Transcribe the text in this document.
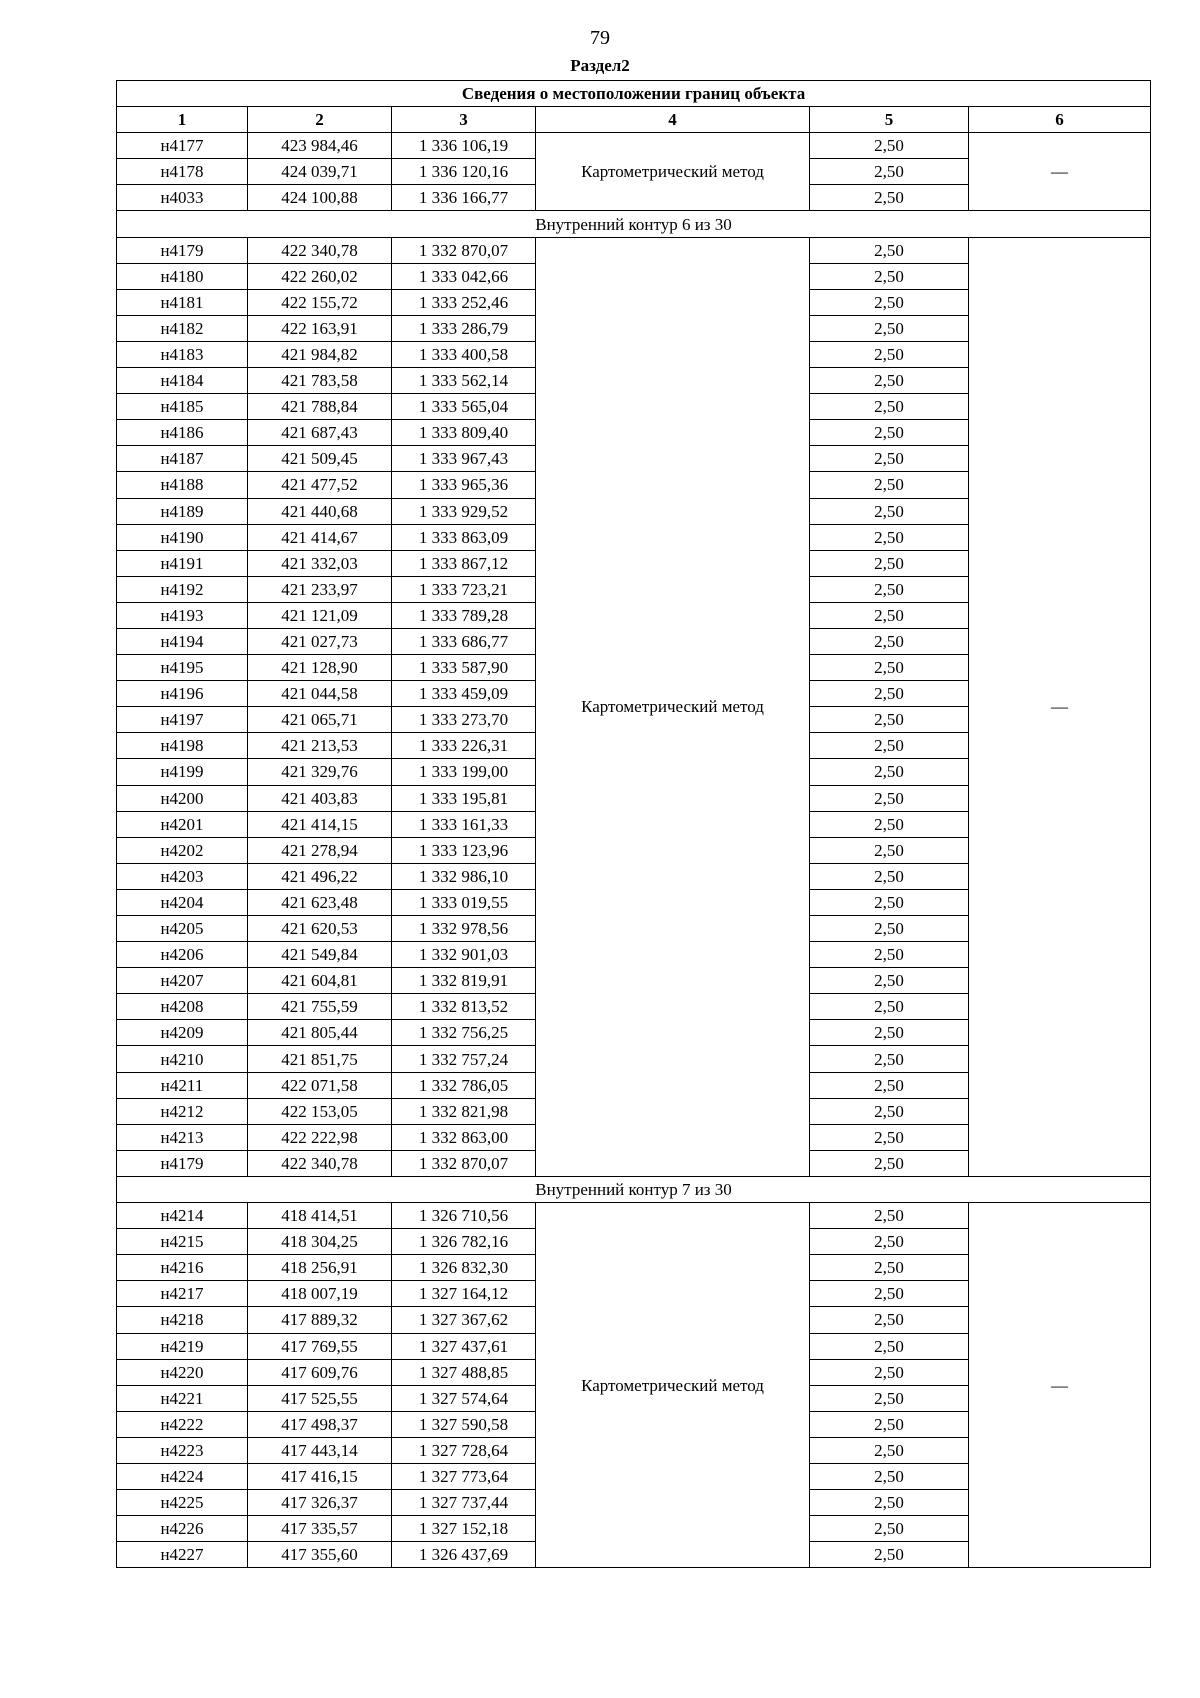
79
Раздел2
Сведения о местоположении границ объекта					
1	2	3	4	5	6
н4177	423 984,46	1 336 106,19	Картометрический метод	2,50	—
н4178	424 039,71	1 336 120,16		2,50	
н4033	424 100,88	1 336 166,77		2,50	
Внутренний контур 6 из 30					
н4179	422 340,78	1 332 870,07	Картометрический метод	2,50	—
н4180	422 260,02	1 333 042,66		2,50	
н4181	422 155,72	1 333 252,46		2,50	
н4182	422 163,91	1 333 286,79		2,50	
н4183	421 984,82	1 333 400,58		2,50	
н4184	421 783,58	1 333 562,14		2,50	
н4185	421 788,84	1 333 565,04		2,50	
н4186	421 687,43	1 333 809,40		2,50	
н4187	421 509,45	1 333 967,43		2,50	
н4188	421 477,52	1 333 965,36		2,50	
н4189	421 440,68	1 333 929,52		2,50	
н4190	421 414,67	1 333 863,09		2,50	
н4191	421 332,03	1 333 867,12		2,50	
н4192	421 233,97	1 333 723,21		2,50	
н4193	421 121,09	1 333 789,28		2,50	
н4194	421 027,73	1 333 686,77		2,50	
н4195	421 128,90	1 333 587,90		2,50	
н4196	421 044,58	1 333 459,09		2,50	
н4197	421 065,71	1 333 273,70		2,50	
н4198	421 213,53	1 333 226,31		2,50	
н4199	421 329,76	1 333 199,00		2,50	
н4200	421 403,83	1 333 195,81		2,50	
н4201	421 414,15	1 333 161,33		2,50	
н4202	421 278,94	1 333 123,96		2,50	
н4203	421 496,22	1 332 986,10		2,50	
н4204	421 623,48	1 333 019,55		2,50	
н4205	421 620,53	1 332 978,56		2,50	
н4206	421 549,84	1 332 901,03		2,50	
н4207	421 604,81	1 332 819,91		2,50	
н4208	421 755,59	1 332 813,52		2,50	
н4209	421 805,44	1 332 756,25		2,50	
н4210	421 851,75	1 332 757,24		2,50	
н4211	422 071,58	1 332 786,05		2,50	
н4212	422 153,05	1 332 821,98		2,50	
н4213	422 222,98	1 332 863,00		2,50	
н4179	422 340,78	1 332 870,07		2,50	
Внутренний контур 7 из 30					
н4214	418 414,51	1 326 710,56	Картометрический метод	2,50	—
н4215	418 304,25	1 326 782,16		2,50	
н4216	418 256,91	1 326 832,30		2,50	
н4217	418 007,19	1 327 164,12		2,50	
н4218	417 889,32	1 327 367,62		2,50	
н4219	417 769,55	1 327 437,61		2,50	
н4220	417 609,76	1 327 488,85		2,50	
н4221	417 525,55	1 327 574,64		2,50	
н4222	417 498,37	1 327 590,58		2,50	
н4223	417 443,14	1 327 728,64		2,50	
н4224	417 416,15	1 327 773,64		2,50	
н4225	417 326,37	1 327 737,44		2,50	
н4226	417 335,57	1 327 152,18		2,50	
н4227	417 355,60	1 326 437,69		2,50	
